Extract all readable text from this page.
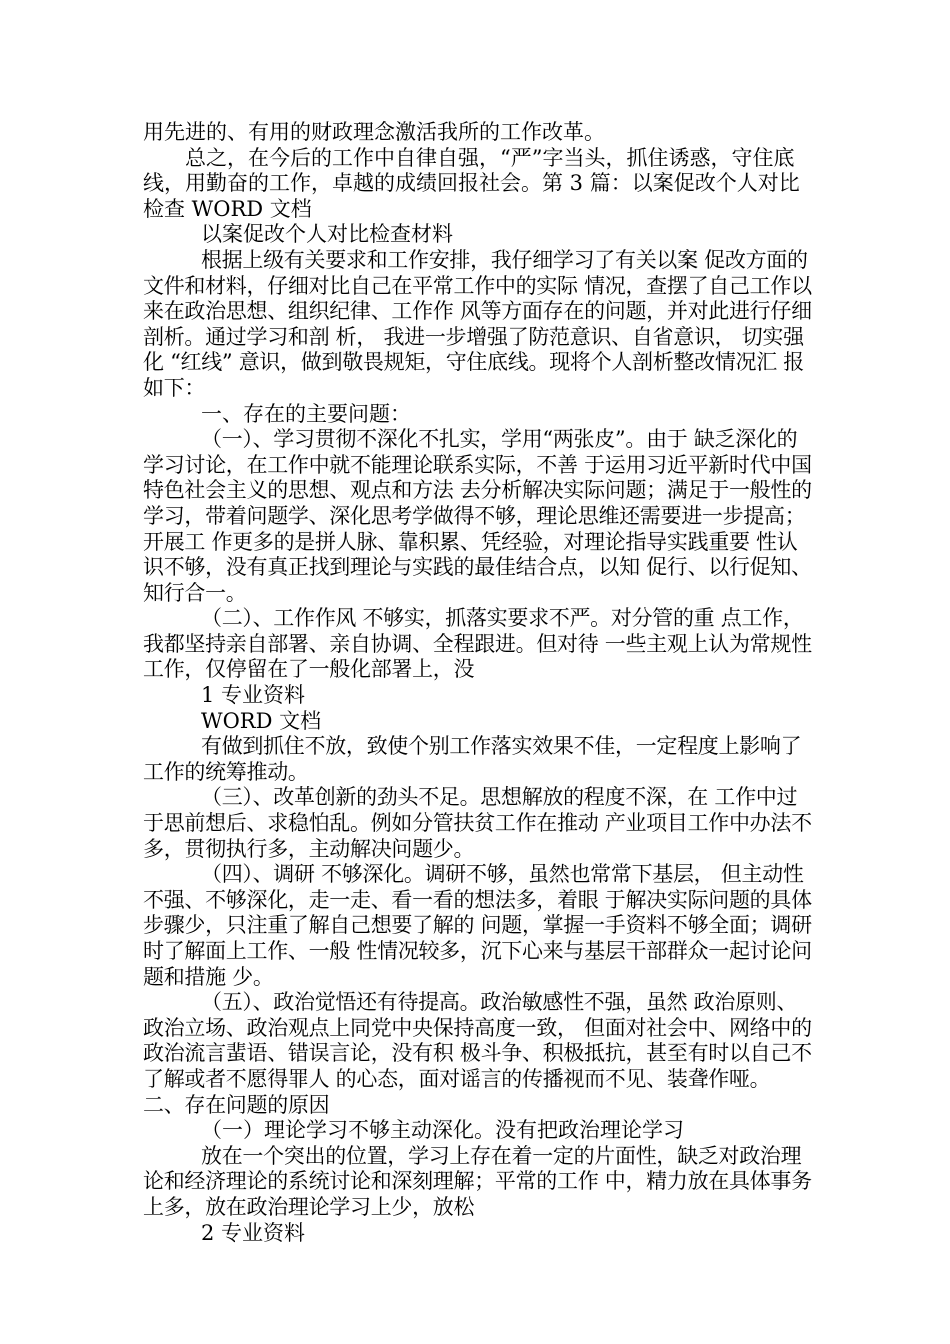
用先进的、有用的财政理念激活我所的工作改革。

总之，在今后的工作中自律自强，“严”字当头，抓住诱惑，守住底线，用勤奋的工作，卓越的成绩回报社会。第 3 篇：以案促改个人对比检查 WORD 文档

以案促改个人对比检查材料

根据上级有关要求和工作安排，我仔细学习了有关以案 促改方面的文件和材料，仔细对比自己在平常工作中的实际 情况，查摆了自己工作以来在政治思想、组织纪律、工作作 风等方面存在的问题，并对此进行仔细剖析。通过学习和剖 析， 我进一步增强了防范意识、自省意识， 切实强化 “红线” 意识，做到敬畏规矩，守住底线。现将个人剖析整改情况汇 报如下：

一、存在的主要问题：

（一）、学习贯彻不深化不扎实，学用“两张皮”。由于 缺乏深化的学习讨论，在工作中就不能理论联系实际，不善 于运用习近平新时代中国特色社会主义的思想、观点和方法 去分析解决实际问题；满足于一般性的学习，带着问题学、深化思考学做得不够，理论思维还需要进一步提高；开展工 作更多的是拼人脉、靠积累、凭经验，对理论指导实践重要 性认识不够，没有真正找到理论与实践的最佳结合点，以知 促行、以行促知、知行合一。

（二）、工作作风 不够实，抓落实要求不严。对分管的重 点工作，我都坚持亲自部署、亲自协调、全程跟进。但对待 一些主观上认为常规性工作，仅停留在了一般化部署上，没

1 专业资料

WORD 文档

有做到抓住不放，致使个别工作落实效果不佳，一定程度上影响了工作的统筹推动。

（三）、改革创新的劲头不足。思想解放的程度不深，在 工作中过于思前想后、求稳怕乱。例如分管扶贫工作在推动 产业项目工作中办法不多，贯彻执行多，主动解决问题少。

（四）、调研 不够深化。调研不够，虽然也常常下基层， 但主动性不强、不够深化，走一走、看一看的想法多，着眼 于解决实际问题的具体步骤少，只注重了解自己想要了解的 问题，掌握一手资料不够全面；调研时了解面上工作、一般 性情况较多，沉下心来与基层干部群众一起讨论问题和措施 少。

（五）、政治觉悟还有待提高。政治敏感性不强，虽然 政治原则、政治立场、政治观点上同党中央保持高度一致， 但面对社会中、网络中的政治流言蜚语、错误言论，没有积 极斗争、积极抵抗，甚至有时以自己不了解或者不愿得罪人 的心态，面对谣言的传播视而不见、装聋作哑。 二、存在问题的原因

（一）理论学习不够主动深化。没有把政治理论学习

放在一个突出的位置，学习上存在着一定的片面性，缺乏对政治理论和经济理论的系统讨论和深刻理解；平常的工作 中，精力放在具体事务上多，放在政治理论学习上少，放松

2 专业资料
